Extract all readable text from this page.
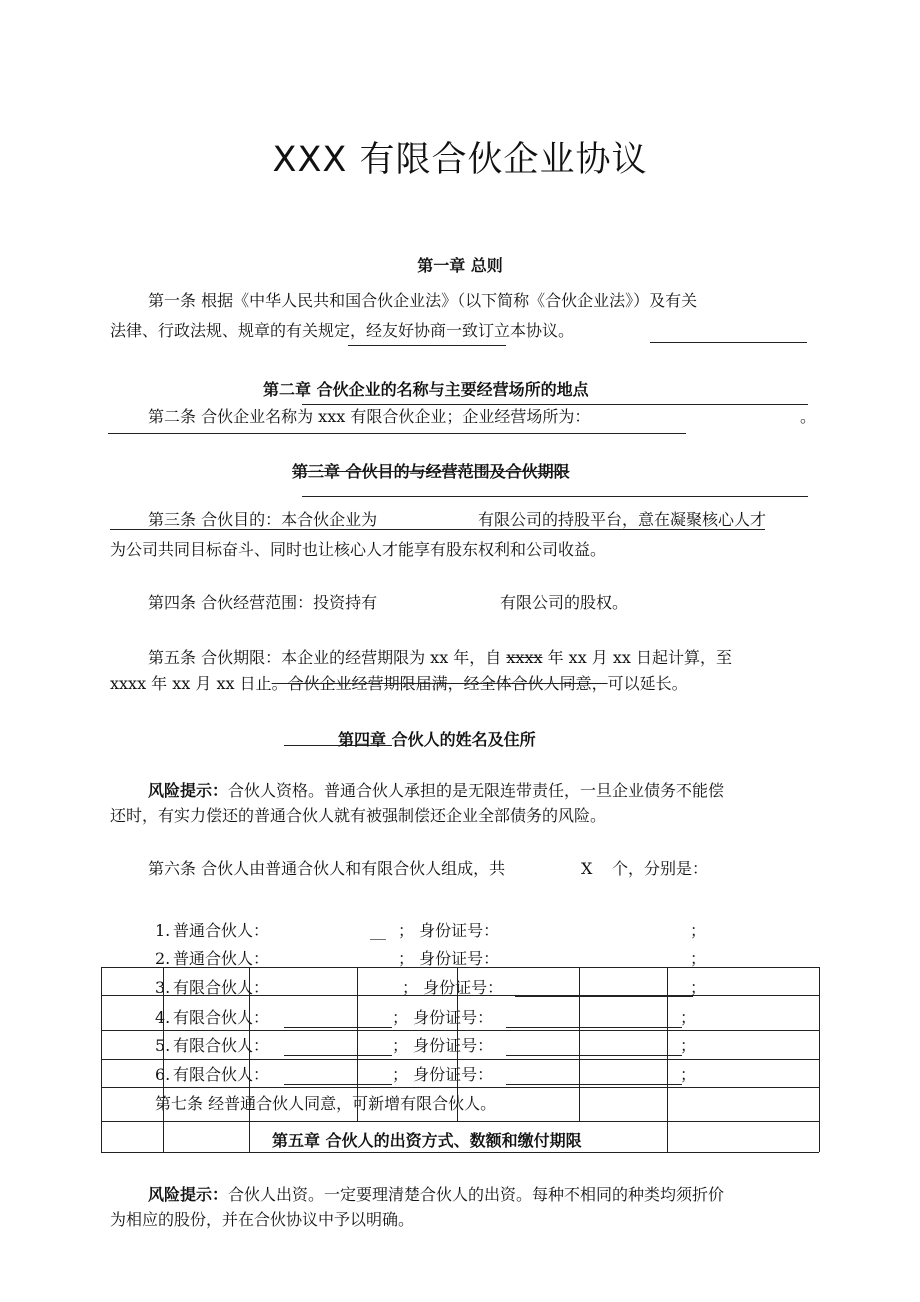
XXX 有限合伙企业协议
第一章 总则
第一条 根据《中华人民共和国合伙企业法》（以下简称《合伙企业法》）及有关
法律、行政法规、规章的有关规定，经友好协商一致订立本协议。
第二章 合伙企业的名称与主要经营场所的地点
第二条 合伙企业名称为 xxx 有限合伙企业；企业经营场所为：	。
第三章 合伙目的与经营范围及合伙期限
第三条 合伙目的：本合伙企业为	有限公司的持股平台，意在凝聚核心人才
为公司共同目标奋斗、同时也让核心人才能享有股东权利和公司收益。
第四条 合伙经营范围：投资持有	有限公司的股权。
第五条 合伙期限：本企业的经营期限为 xx 年，自 xxxx 年 xx 月 xx 日起计算，至
xxxx 年 xx 月 xx 日止。合伙企业经营期限届满，经全体合伙人同意，可以延长。
第四章 合伙人的姓名及住所
风险提示：合伙人资格。普通合伙人承担的是无限连带责任，一旦企业债务不能偿
还时，有实力偿还的普通合伙人就有被强制偿还企业全部债务的风险。
第六条 合伙人由普通合伙人和有限合伙人组成，共	X 个，分别是：
1. 普通合伙人：	__ ； 身份证号：	；
2. 普通合伙人：	__ ； 身份证号：	；
3. 有限合伙人：	； 身份证号：	；
4. 有限合伙人：	； 身份证号：	；
5. 有限合伙人：	； 身份证号：	；
6. 有限合伙人：	； 身份证号：	；
第七条 经普通合伙人同意，可新增有限合伙人。
第五章 合伙人的出资方式、数额和缴付期限
风险提示：合伙人出资。一定要理清楚合伙人的出资。每种不相同的种类均须折价
为相应的股份，并在合伙协议中予以明确。
